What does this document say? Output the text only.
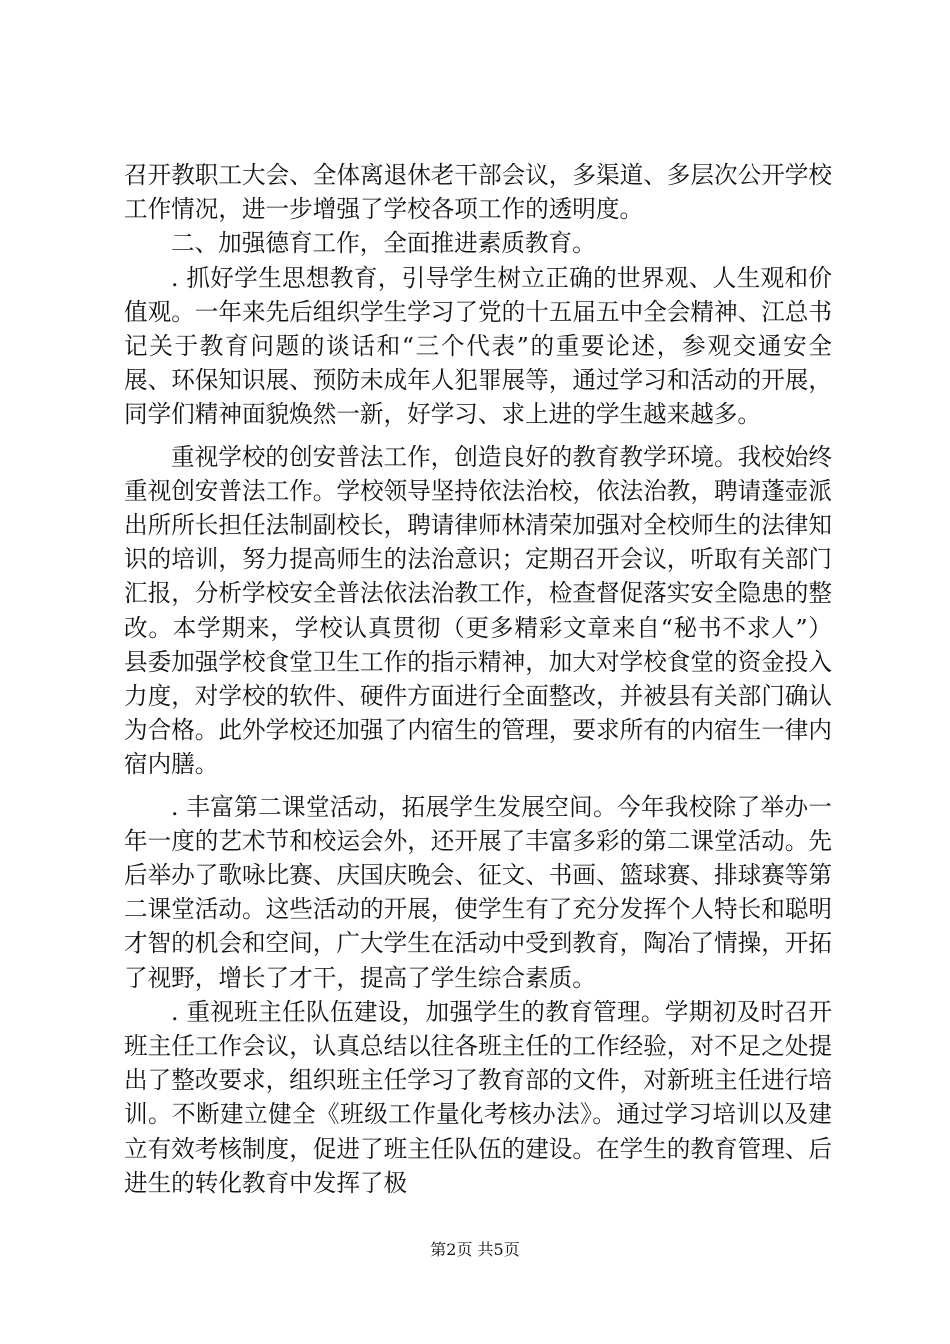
召开教职工大会、全体离退休老干部会议，多渠道、多层次公开学校工作情况，进一步增强了学校各项工作的透明度。

二、加强德育工作，全面推进素质教育。

. 抓好学生思想教育，引导学生树立正确的世界观、人生观和价值观。一年来先后组织学生学习了党的十五届五中全会精神、江总书记关于教育问题的谈话和“三个代表”的重要论述，参观交通安全展、环保知识展、预防未成年人犯罪展等，通过学习和活动的开展，同学们精神面貌焕然一新，好学习、求上进的学生越来越多。

重视学校的创安普法工作，创造良好的教育教学环境。我校始终重视创安普法工作。学校领导坚持依法治校，依法治教，聘请蓬壶派出所所长担任法制副校长，聘请律师林清荣加强对全校师生的法律知识的培训，努力提高师生的法治意识；定期召开会议，听取有关部门汇报，分析学校安全普法依法治教工作，检查督促落实安全隐患的整改。本学期来，学校认真贯彻（更多精彩文章来自“秘书不求人”）县委加强学校食堂卫生工作的指示精神，加大对学校食堂的资金投入力度，对学校的软件、硬件方面进行全面整改，并被县有关部门确认为合格。此外学校还加强了内宿生的管理，要求所有的内宿生一律内宿内膳。

. 丰富第二课堂活动，拓展学生发展空间。今年我校除了举办一年一度的艺术节和校运会外，还开展了丰富多彩的第二课堂活动。先后举办了歌咏比赛、庆国庆晚会、征文、书画、篮球赛、排球赛等第二课堂活动。这些活动的开展，使学生有了充分发挥个人特长和聪明才智的机会和空间，广大学生在活动中受到教育，陶冶了情操，开拓了视野，增长了才干，提高了学生综合素质。

. 重视班主任队伍建设，加强学生的教育管理。学期初及时召开班主任工作会议，认真总结以往各班主任的工作经验，对不足之处提出了整改要求，组织班主任学习了教育部的文件，对新班主任进行培训。不断建立健全《班级工作量化考核办法》。通过学习培训以及建立有效考核制度，促进了班主任队伍的建设。在学生的教育管理、后进生的转化教育中发挥了极

第2页 共5页
